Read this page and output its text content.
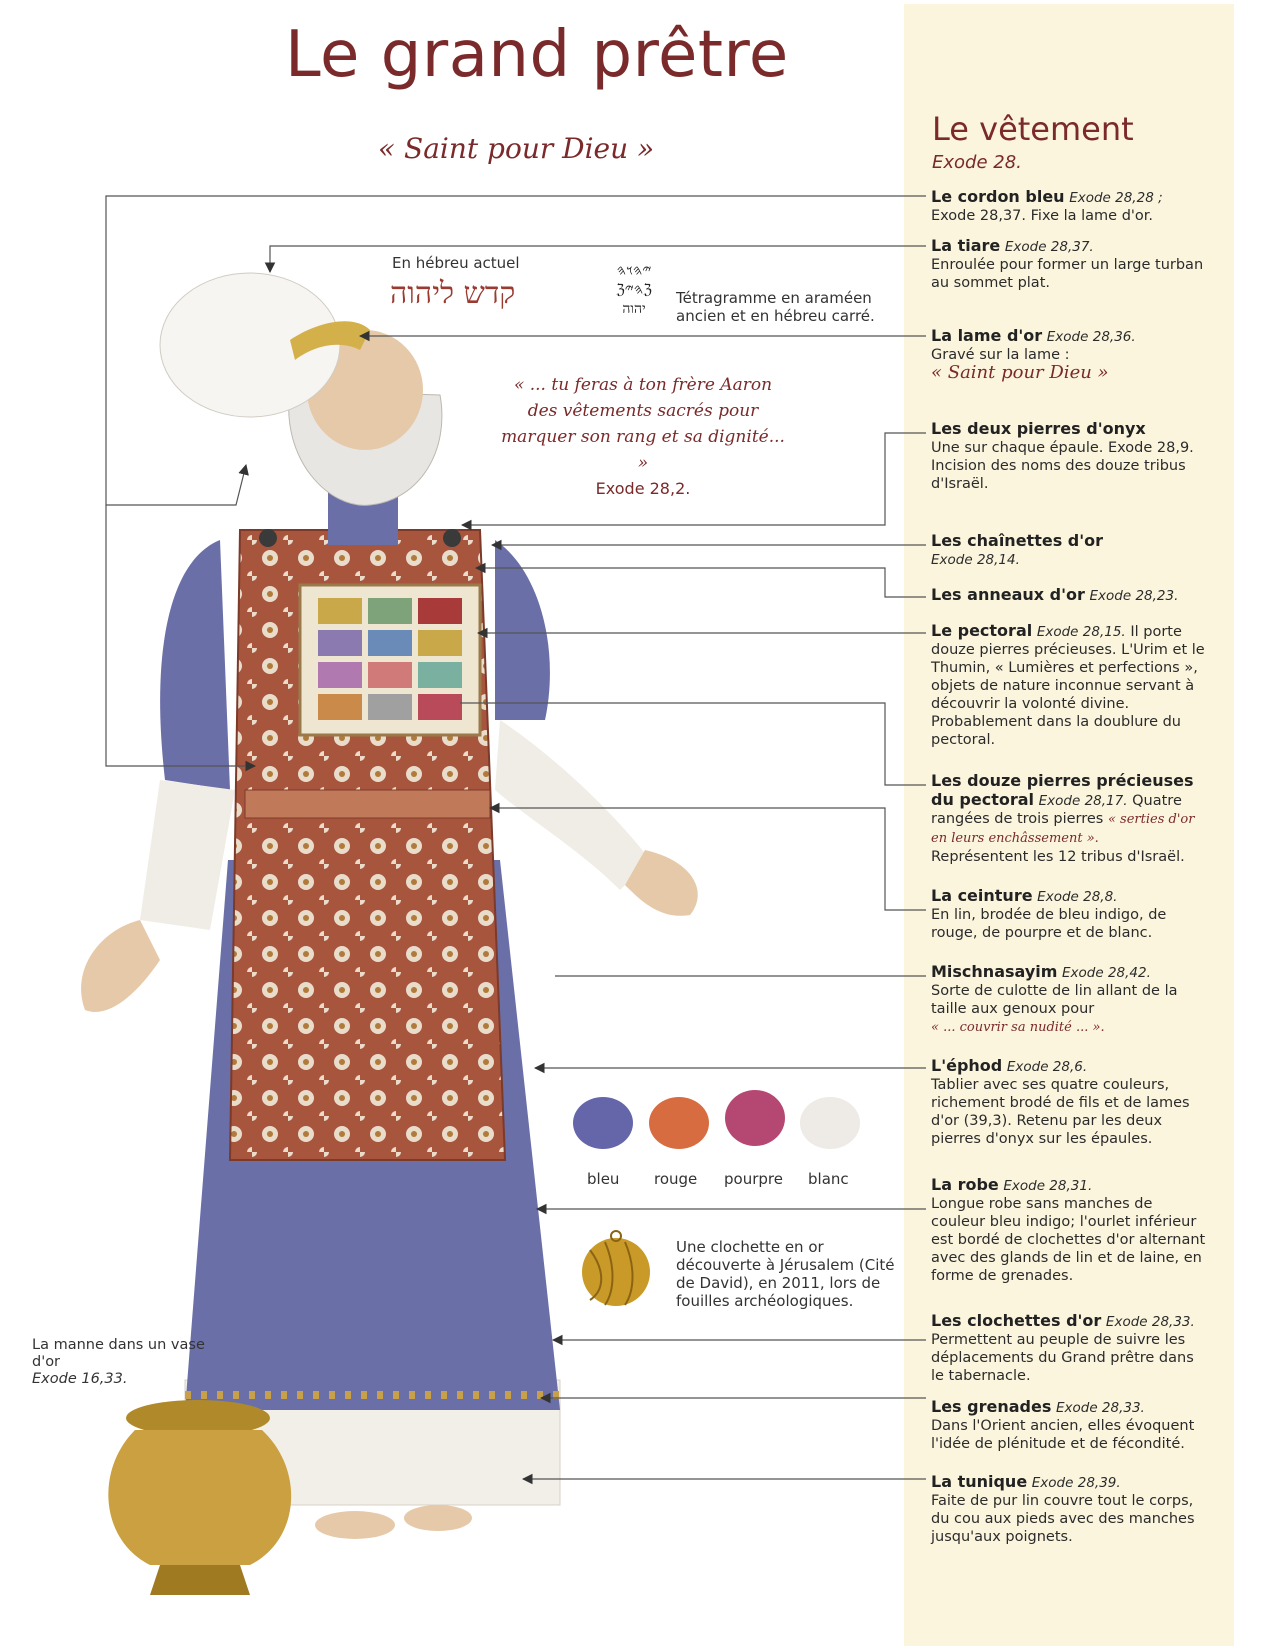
Le grand prêtre
« Saint pour Dieu »
En hébreu actuel
קדש ליהוה
𐤉𐤄𐤅𐤄
ℨ𐤄𐤉ℨ
יהוה
Tétragramme en araméen ancien et en hébreu carré.
« ... tu feras à ton frère Aaron des vêtements sacrés pour marquer son rang et sa dignité... »
Exode 28,2.
Le vêtement
Exode 28.
Le cordon bleu Exode 28,28 ;
Exode 28,37. Fixe la lame d'or.
La tiare Exode 28,37.
Enroulée pour former un large turban au sommet plat.
La lame d'or Exode 28,36.
Gravé sur la lame :
« Saint pour Dieu »
Les deux pierres d'onyx
Une sur chaque épaule. Exode 28,9. Incision des noms des douze tribus d'Israël.
Les chaînettes d'or
Exode 28,14.
Les anneaux d'or Exode 28,23.
Le pectoral Exode 28,15. Il porte douze pierres précieuses. L'Urim et le Thumin, « Lumières et perfections », objets de nature inconnue servant à découvrir la volonté divine. Probablement dans la doublure du pectoral.
Les douze pierres précieuses du pectoral Exode 28,17. Quatre rangées de trois pierres « serties d'or en leurs enchâssement ».
Représentent les 12 tribus d'Israël.
La ceinture Exode 28,8.
En lin, brodée de bleu indigo, de rouge, de pourpre et de blanc.
Mischnasayim Exode 28,42.
Sorte de culotte de lin allant de la taille aux genoux pour
« ... couvrir sa nudité ... ».
L'éphod Exode 28,6.
Tablier avec ses quatre couleurs, richement brodé de fils et de lames d'or (39,3). Retenu par les deux pierres d'onyx sur les épaules.
La robe Exode 28,31.
Longue robe sans manches de couleur bleu indigo; l'ourlet inférieur est bordé de clochettes d'or alternant avec des glands de lin et de laine, en forme de grenades.
Les clochettes d'or Exode 28,33.
Permettent au peuple de suivre les déplacements du Grand prêtre dans le tabernacle.
Les grenades Exode 28,33.
Dans l'Orient ancien, elles évoquent l'idée de plénitude et de fécondité.
La tunique Exode 28,39.
Faite de pur lin couvre tout le corps, du cou aux pieds avec des manches jusqu'aux poignets.
bleu rouge pourpre blanc
Une clochette en or découverte à Jérusalem (Cité de David), en 2011, lors de fouilles archéologiques.
La manne dans un vase d'or
Exode 16,33.
